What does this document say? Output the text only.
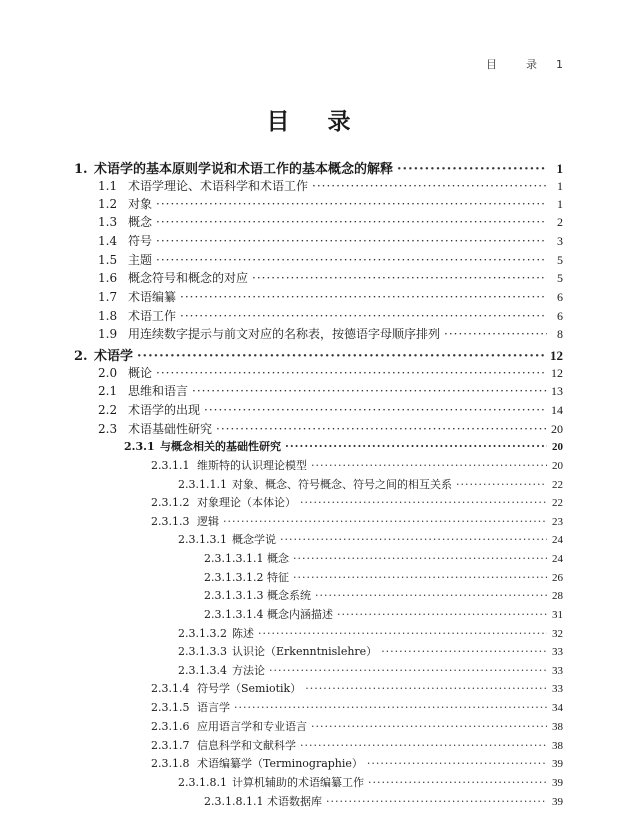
目	录 1
目录
1. 术语学的基本原则学说和术语工作的基本概念的解释 ·····	1
1.1 术语学理论、术语科学和术语工作 ·····	1
1.2 对象 ·····	1
1.3 概念 ·····	2
1.4 符号 ·····	3
1.5 主题 ·····	5
1.6 概念符号和概念的对应 ·····	5
1.7 术语编纂 ·····	6
1.8 术语工作 ·····	6
1.9 用连续数字提示与前文对应的名称表，按德语字母顺序排列 ·····	8
2. 术语学 ·····	12
2.0 概论 ·····	12
2.1 思维和语言 ·····	13
2.2 术语学的出现 ·····	14
2.3 术语基础性研究 ·····	20
2.3.1 与概念相关的基础性研究 ·····	20
2.3.1.1 维斯特的认识理论模型 ·····	20
2.3.1.1.1 对象、概念、符号概念、符号之间的相互关系 ·····	22
2.3.1.2 对象理论（本体论） ·····	22
2.3.1.3 逻辑 ·····	23
2.3.1.3.1 概念学说 ·····	24
2.3.1.3.1.1 概念 ·····	24
2.3.1.3.1.2 特征 ·····	26
2.3.1.3.1.3 概念系统 ·····	28
2.3.1.3.1.4 概念内涵描述 ·····	31
2.3.1.3.2 陈述 ·····	32
2.3.1.3.3 认识论（Erkenntnislehre） ·····	33
2.3.1.3.4 方法论 ·····	33
2.3.1.4 符号学（Semiotik） ·····	33
2.3.1.5 语言学 ·····	34
2.3.1.6 应用语言学和专业语言 ·····	38
2.3.1.7 信息科学和文献科学 ·····	38
2.3.1.8 术语编纂学（Terminographie） ·····	39
2.3.1.8.1 计算机辅助的术语编纂工作 ·····	39
2.3.1.8.1.1 术语数据库 ·····	39
